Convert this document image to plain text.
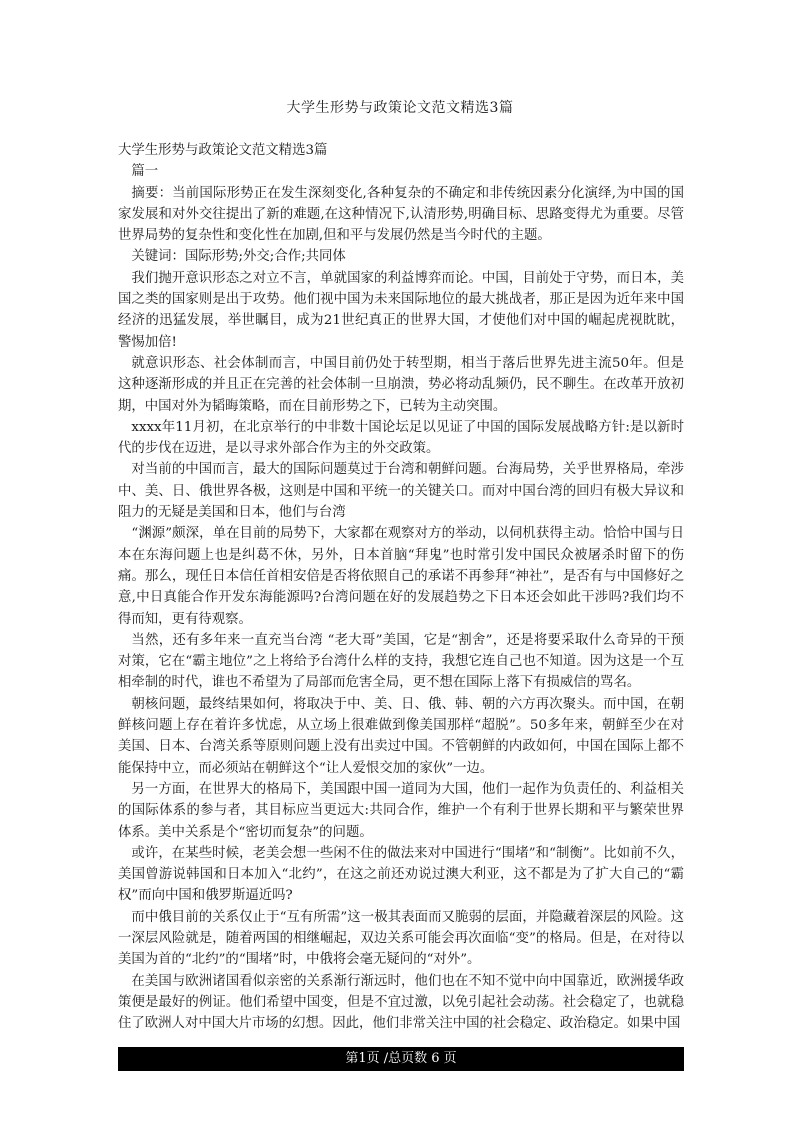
大学生形势与政策论文范文精选3篇

大学生形势与政策论文范文精选3篇

篇一

摘要：当前国际形势正在发生深刻变化,各种复杂的不确定和非传统因素分化演绎,为中国的国家发展和对外交往提出了新的难题,在这种情况下,认清形势,明确目标、思路变得尤为重要。尽管世界局势的复杂性和变化性在加剧,但和平与发展仍然是当今时代的主题。

关键词：国际形势;外交;合作;共同体

我们抛开意识形态之对立不言，单就国家的利益博弈而论。中国，目前处于守势，而日本，美国之类的国家则是出于攻势。他们视中国为未来国际地位的最大挑战者，那正是因为近年来中国经济的迅猛发展，举世瞩目，成为21世纪真正的世界大国，才使他们对中国的崛起虎视眈眈，警惕加倍!

就意识形态、社会体制而言，中国目前仍处于转型期，相当于落后世界先进主流50年。但是这种逐渐形成的并且正在完善的社会体制一旦崩溃，势必将动乱频仍，民不聊生。在改革开放初期，中国对外为韬晦策略，而在目前形势之下，已转为主动突围。

xxxx年11月初，在北京举行的中非数十国论坛足以见证了中国的国际发展战略方针:是以新时代的步伐在迈进，是以寻求外部合作为主的外交政策。

对当前的中国而言，最大的国际问题莫过于台湾和朝鲜问题。台海局势，关乎世界格局，牵涉中、美、日、俄世界各极，这则是中国和平统一的关键关口。而对中国台湾的回归有极大异议和阻力的无疑是美国和日本，他们与台湾

“渊源”颇深，单在目前的局势下，大家都在观察对方的举动，以伺机获得主动。恰恰中国与日本在东海问题上也是纠葛不休，另外，日本首脑“拜鬼”也时常引发中国民众被屠杀时留下的伤痛。那么，现任日本信任首相安倍是否将依照自己的承诺不再参拜“神社”，是否有与中国修好之意,中日真能合作开发东海能源吗?台湾问题在好的发展趋势之下日本还会如此干涉吗?我们均不得而知，更有待观察。

当然，还有多年来一直充当台湾 “老大哥”美国，它是“割舍”，还是将要采取什么奇异的干预对策，它在“霸主地位”之上将给予台湾什么样的支持，我想它连自己也不知道。因为这是一个互相牵制的时代，谁也不希望为了局部而危害全局，更不想在国际上落下有损威信的骂名。

朝核问题，最终结果如何，将取决于中、美、日、俄、韩、朝的六方再次聚头。而中国，在朝鲜核问题上存在着许多忧虑，从立场上很难做到像美国那样“超脱”。50多年来，朝鲜至少在对美国、日本、台湾关系等原则问题上没有出卖过中国。不管朝鲜的内政如何，中国在国际上都不能保持中立，而必须站在朝鲜这个“让人爱恨交加的家伙”一边。

另一方面，在世界大的格局下，美国跟中国一道同为大国，他们一起作为负责任的、利益相关的国际体系的参与者，其目标应当更远大:共同合作，维护一个有利于世界长期和平与繁荣世界体系。美中关系是个“密切而复杂”的问题。

或许，在某些时候，老美会想一些闲不住的做法来对中国进行“围堵”和“制衡”。比如前不久，美国曾游说韩国和日本加入“北约”，在这之前还劝说过澳大利亚，这不都是为了扩大自己的“霸权”而向中国和俄罗斯逼近吗?

而中俄目前的关系仅止于“互有所需”这一极其表面而又脆弱的层面，并隐藏着深层的风险。这一深层风险就是，随着两国的相继崛起，双边关系可能会再次面临“变”的格局。但是，在对待以美国为首的“北约”的“围堵”时，中俄将会毫无疑问的“对外”。

在美国与欧洲诸国看似亲密的关系渐行渐远时，他们也在不知不觉中向中国靠近，欧洲援华政策便是最好的例证。他们希望中国变，但是不宜过激，以免引起社会动荡。社会稳定了，也就稳住了欧洲人对中国大片市场的幻想。因此，他们非常关注中国的社会稳定、政治稳定。如果中国

第1页 /总页数 6 页
